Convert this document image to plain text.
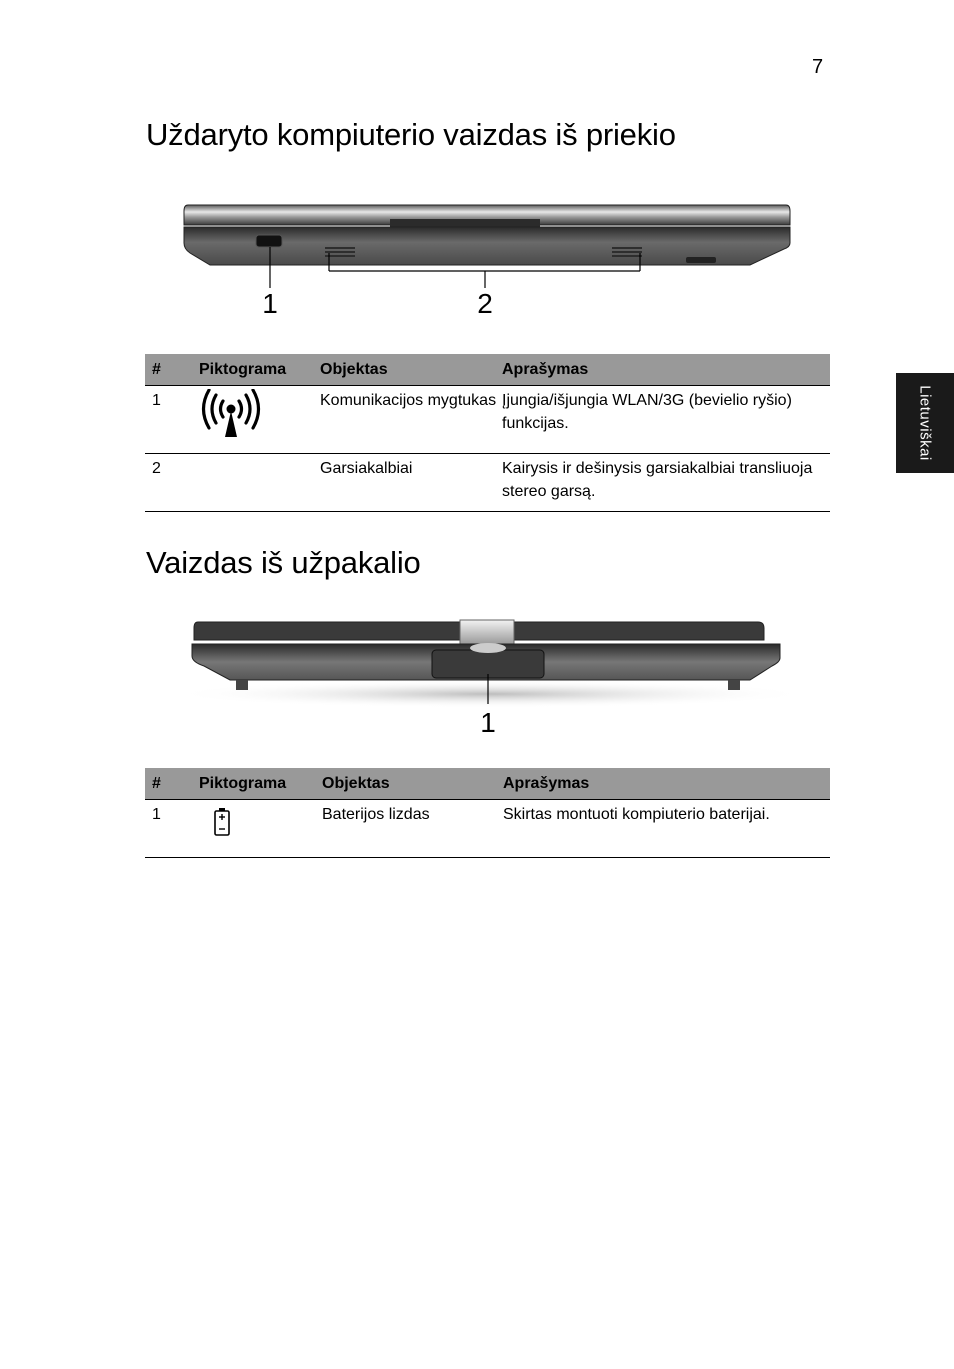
7
Lietuviškai
Uždaryto kompiuterio vaizdas iš priekio
1	2
#	Piktograma	Objektas	Aprašymas
1		Komunikacijos mygtukas	Įjungia/išjungia WLAN/3G (bevielio ryšio) funkcijas.
2		Garsiakalbiai	Kairysis ir dešinysis garsiakalbiai transliuoja stereo garsą.
Vaizdas iš užpakalio
1
#	Piktograma	Objektas	Aprašymas
1		Baterijos lizdas	Skirtas montuoti kompiuterio baterijai.
